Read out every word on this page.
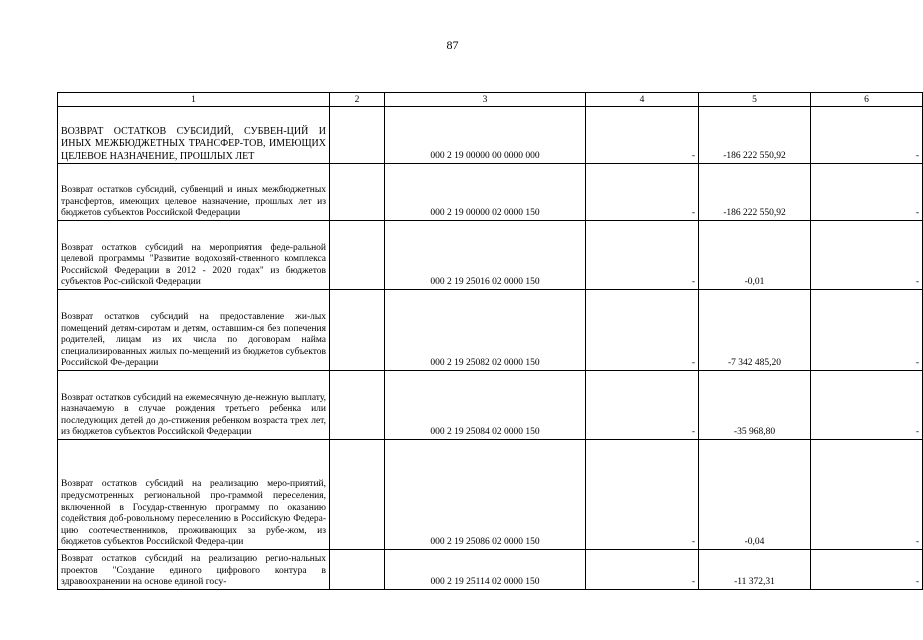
87
1	2	3	4	5	6
ВОЗВРАТ ОСТАТКОВ СУБСИДИЙ, СУБВЕН-ЦИЙ И ИНЫХ МЕЖБЮДЖЕТНЫХ ТРАНСФЕР-ТОВ, ИМЕЮЩИХ ЦЕЛЕВОЕ НАЗНАЧЕНИЕ, ПРОШЛЫХ ЛЕТ		000 2 19 00000 00 0000 000	-	-186 222 550,92	-
Возврат остатков субсидий, субвенций и иных межбюджетных трансфертов, имеющих целевое назначение, прошлых лет из бюджетов субъектов Российской Федерации		000 2 19 00000 02 0000 150	-	-186 222 550,92	-
Возврат остатков субсидий на мероприятия феде-ральной целевой программы "Развитие водохозяй-ственного комплекса Российской Федерации в 2012 - 2020 годах" из бюджетов субъектов Рос-сийской Федерации		000 2 19 25016 02 0000 150	-	-0,01	-
Возврат остатков субсидий на предоставление жи-лых помещений детям-сиротам и детям, оставшим-ся без попечения родителей, лицам из их числа по договорам найма специализированных жилых по-мещений из бюджетов субъектов Российской Фе-дерации		000 2 19 25082 02 0000 150	-	-7 342 485,20	-
Возврат остатков субсидий на ежемесячную де-нежную выплату, назначаемую в случае рождения третьего ребенка или последующих детей до до-стижения ребенком возраста трех лет, из бюджетов субъектов Российской Федерации		000 2 19 25084 02 0000 150	-	-35 968,80	-
Возврат остатков субсидий на реализацию меро-приятий, предусмотренных региональной про-граммой переселения, включенной в Государ-ственную программу по оказанию содействия доб-ровольному переселению в Российскую Федера-цию соотечественников, проживающих за рубе-жом, из бюджетов субъектов Российской Федера-ции		000 2 19 25086 02 0000 150	-	-0,04	-
Возврат остатков субсидий на реализацию регио-нальных проектов "Создание единого цифрового контура в здравоохранении на основе единой госу-		000 2 19 25114 02 0000 150	-	-11 372,31	-
